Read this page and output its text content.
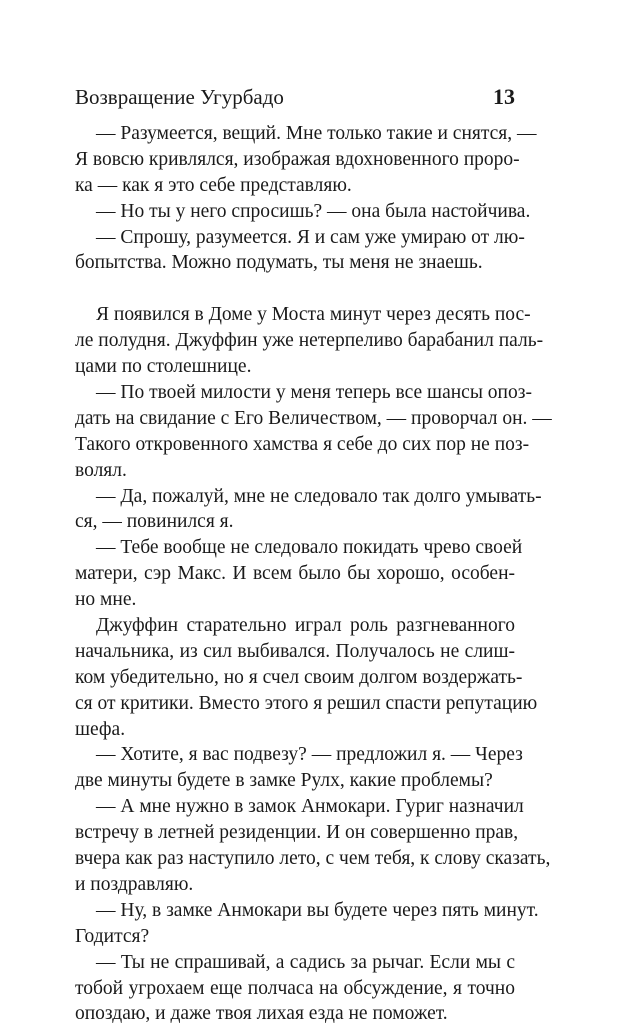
Возвращение Угурбадо	13
— Разумеется, вещий. Мне только такие и снятся, —
Я вовсю кривлялся, изображая вдохновенного проро-
ка — как я это себе представляю.
— Но ты у него спросишь? — она была настойчива.
— Спрошу, разумеется. Я и сам уже умираю от лю-
бопытства. Можно подумать, ты меня не знаешь.
Я появился в Доме у Моста минут через десять пос-
ле полудня. Джуффин уже нетерпеливо барабанил паль-
цами по столешнице.
— По твоей милости у меня теперь все шансы опоз-
дать на свидание с Его Величеством, — проворчал он. —
Такого откровенного хамства я себе до сих пор не поз-
волял.
— Да, пожалуй, мне не следовало так долго умывать-
ся, — повинился я.
— Тебе вообще не следовало покидать чрево своей
матери, сэр Макс. И всем было бы хорошо, особен-
но мне.
Джуффин старательно играл роль разгневанного
начальника, из сил выбивался. Получалось не слиш-
ком убедительно, но я счел своим долгом воздержать-
ся от критики. Вместо этого я решил спасти репутацию
шефа.
— Хотите, я вас подвезу? — предложил я. — Через
две минуты будете в замке Рулх, какие проблемы?
— А мне нужно в замок Анмокари. Гуриг назначил
встречу в летней резиденции. И он совершенно прав,
вчера как раз наступило лето, с чем тебя, к слову сказать,
и поздравляю.
— Ну, в замке Анмокари вы будете через пять минут.
Годится?
— Ты не спрашивай, а садись за рычаг. Если мы с
тобой угрохаем еще полчаса на обсуждение, я точно
опоздаю, и даже твоя лихая езда не поможет.
